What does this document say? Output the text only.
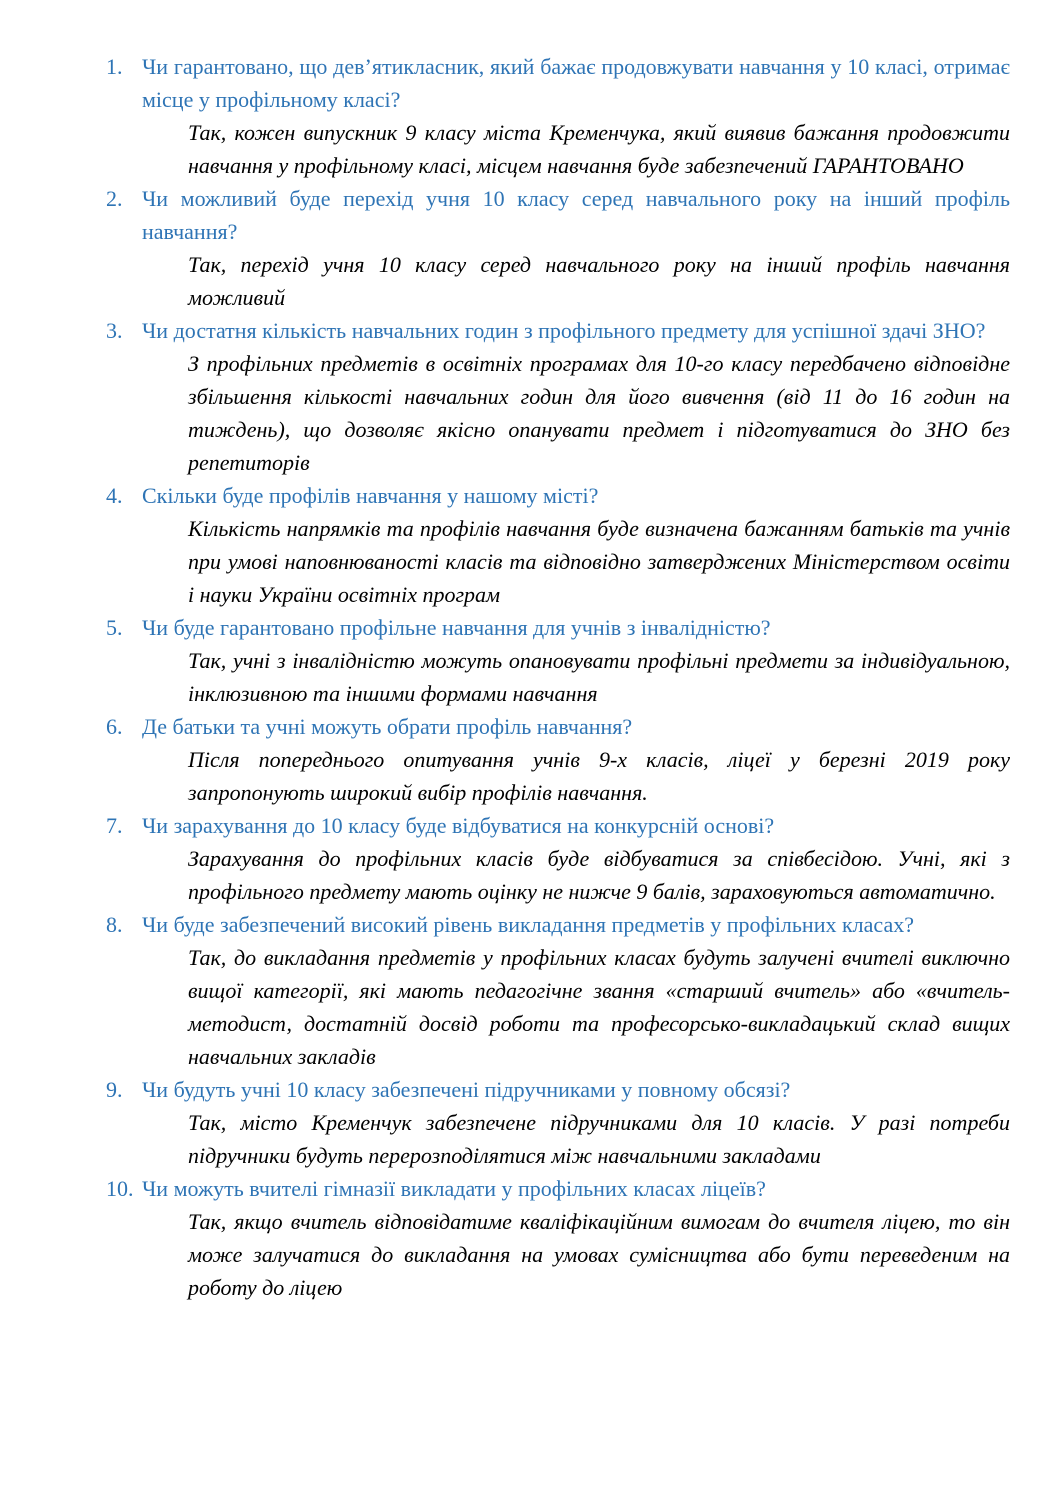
1. Чи гарантовано, що дев’ятикласник, який бажає продовжувати навчання у 10 класі, отримає місце у профільному класі?
Так, кожен випускник 9 класу міста Кременчука, який виявив бажання продовжити навчання у профільному класі, місцем навчання буде забезпечений ГАРАНТОВАНО
2. Чи можливий буде перехід учня 10 класу серед навчального року на інший профіль навчання?
Так, перехід учня 10 класу серед навчального року на інший профіль навчання можливий
3. Чи достатня кількість навчальних годин з профільного предмету для успішної здачі ЗНО?
З профільних предметів в освітніх програмах для 10-го класу передбачено відповідне збільшення кількості навчальних годин для його вивчення (від 11 до 16 годин на тиждень), що дозволяє якісно опанувати предмет і підготуватися до ЗНО без репетиторів
4. Скільки буде профілів навчання у нашому місті?
Кількість напрямків та профілів навчання буде визначена бажанням батьків та учнів при умові наповнюваності класів та відповідно затверджених Міністерством освіти і науки України освітніх програм
5. Чи буде гарантовано профільне навчання для учнів з інвалідністю?
Так, учні з інвалідністю можуть опановувати профільні предмети за індивідуальною, інклюзивною та іншими формами навчання
6. Де батьки та учні можуть обрати профіль навчання?
Після попереднього опитування учнів 9-х класів, ліцеї у березні 2019 року запропонують широкий вибір профілів навчання.
7. Чи зарахування до 10 класу буде відбуватися на конкурсній основі?
Зарахування до профільних класів буде відбуватися за співбесідою. Учні, які з профільного предмету мають оцінку не нижче 9 балів, зараховуються автоматично.
8. Чи буде забезпечений високий рівень викладання предметів у профільних класах?
Так, до викладання предметів у профільних класах будуть залучені вчителі виключно вищої категорії, які мають педагогічне звання «старший вчитель» або «вчитель-методист, достатній досвід роботи та професорсько-викладацький склад вищих навчальних закладів
9. Чи будуть учні 10 класу забезпечені підручниками у повному обсязі?
Так, місто Кременчук забезпечене підручниками для 10 класів. У разі потреби підручники будуть перерозподілятися між навчальними закладами
10. Чи можуть вчителі гімназії викладати у профільних класах ліцеїв?
Так, якщо вчитель відповідатиме кваліфікаційним вимогам до вчителя ліцею, то він може залучатися до викладання на умовах сумісництва або бути переведеним на роботу до ліцею
